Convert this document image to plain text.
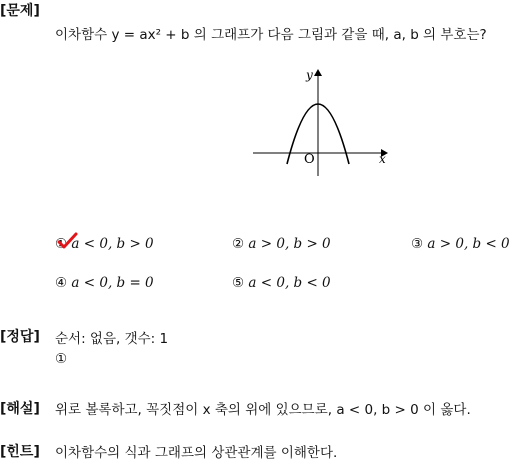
[문제]
이차함수 y = ax² + b 의 그래프가 다음 그림과 같을 때, a, b 의 부호는?
y
x
O
① a < 0, b > 0	② a > 0, b > 0	③ a > 0, b < 0
④ a < 0, b = 0	⑤ a < 0, b < 0
[정답] 순서: 없음, 갯수: 1
①
[해설] 위로 볼록하고, 꼭짓점이 x 축의 위에 있으므로, a < 0, b > 0 이 옳다.
[힌트] 이차함수의 식과 그래프의 상관관계를 이해한다.
